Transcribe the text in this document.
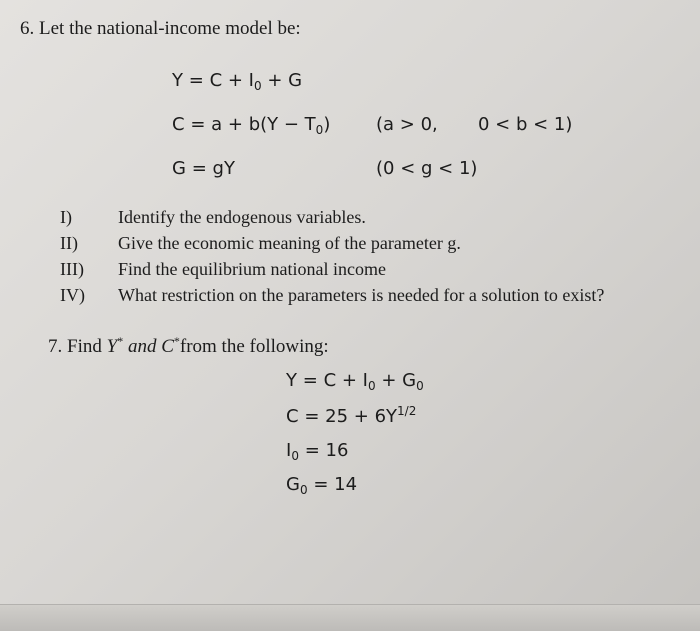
6. Let the national-income model be:
$Y = C + I_0 + G$
$C = a + b(Y - T_0)$	(a > 0, 0 < b < 1)
G = gY	(0 < g < 1)
I)	Identify the endogenous variables.
II) Give the economic meaning of the parameter g.
III) Find the equilibrium national income
IV) What restriction on the parameters is needed for a solution to exist?
7. Find Y* and C*from the following:
$Y = C + I_0 + G_0$
$C = 25 + 6Y^{1/2}$
$I_0 = 16$
$G_0 = 14$
